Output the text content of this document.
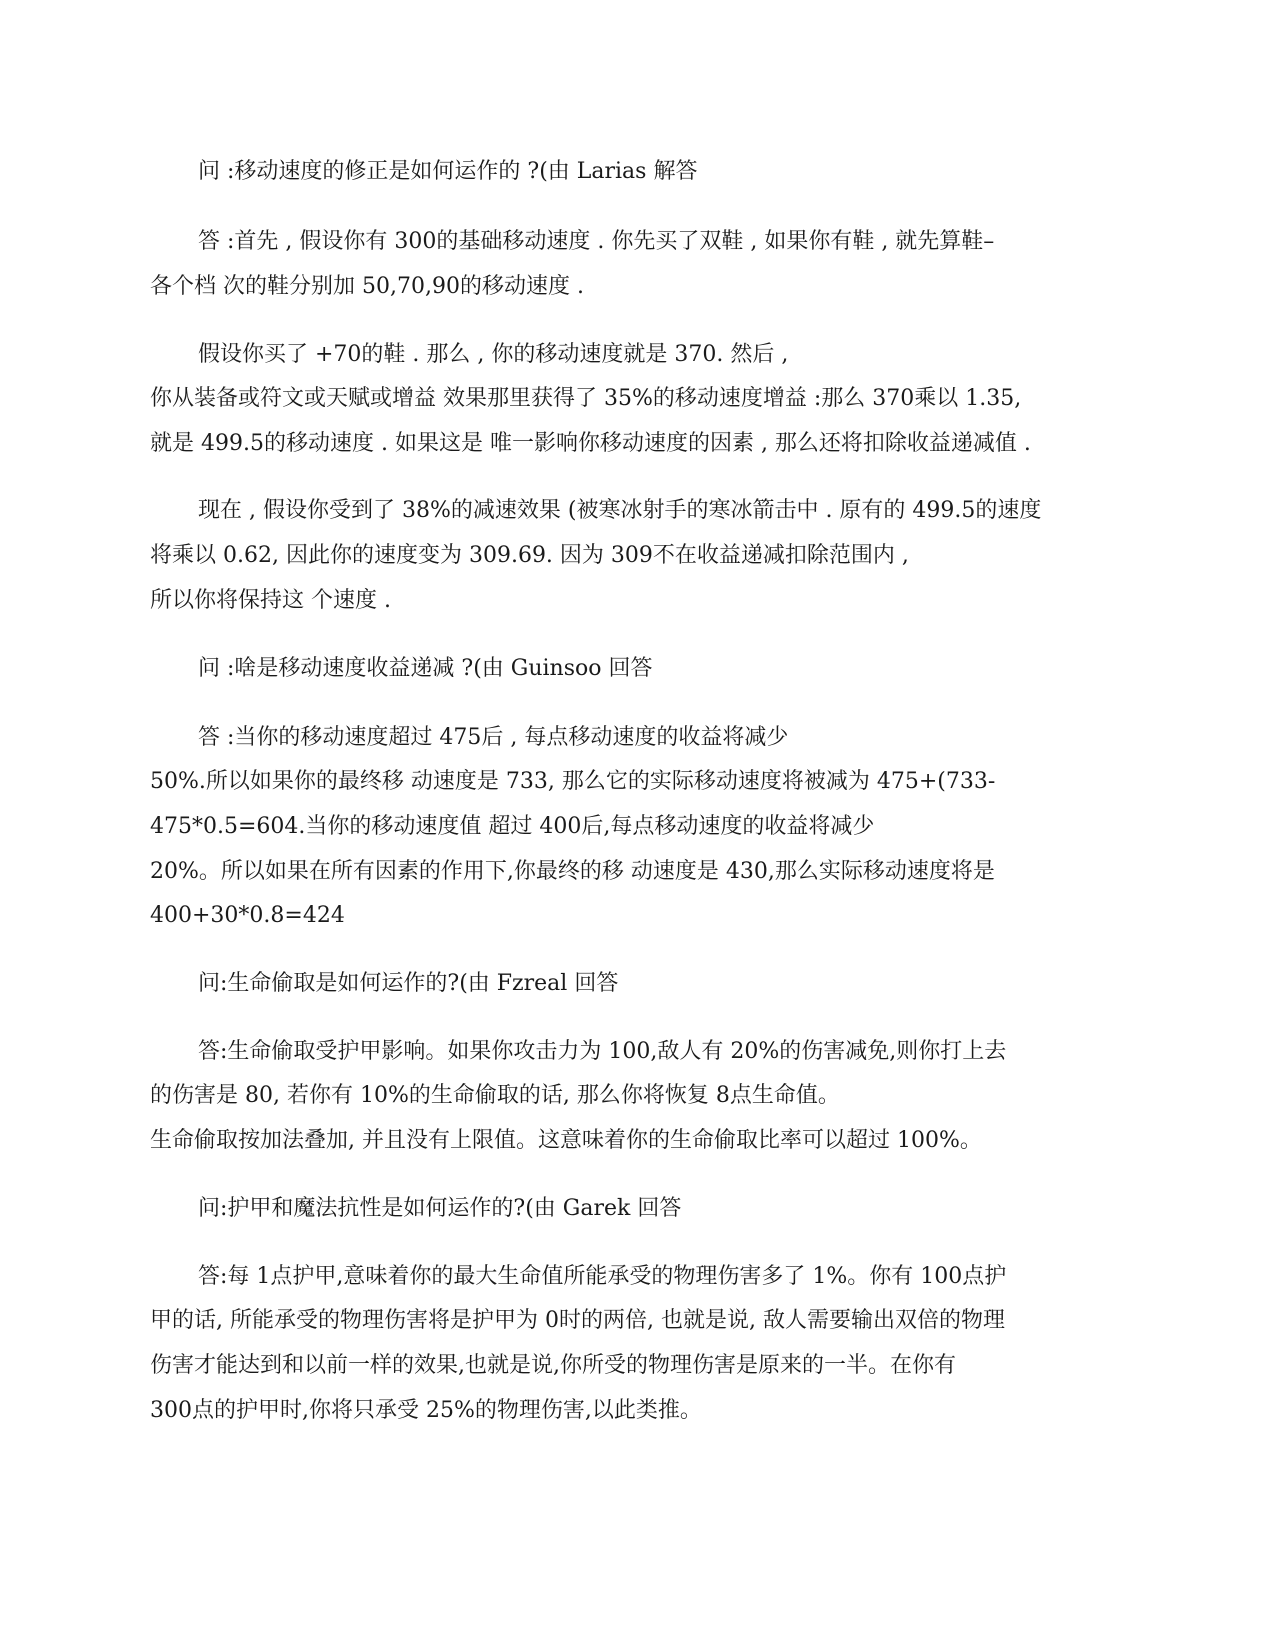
问 :移动速度的修正是如何运作的 ?(由 Larias 解答
答 :首先 , 假设你有 300的基础移动速度 . 你先买了双鞋 , 如果你有鞋 , 就先算鞋–
各个档 次的鞋分别加 50,70,90的移动速度 .
假设你买了 +70的鞋 . 那么 , 你的移动速度就是 370. 然后 ,
你从装备或符文或天赋或增益 效果那里获得了 35%的移动速度增益 :那么 370乘以 1.35,
就是 499.5的移动速度 . 如果这是 唯一影响你移动速度的因素 , 那么还将扣除收益递减值 .
现在 , 假设你受到了 38%的减速效果 (被寒冰射手的寒冰箭击中 . 原有的 499.5的速度
将乘以 0.62, 因此你的速度变为 309.69. 因为 309不在收益递减扣除范围内 ,
所以你将保持这 个速度 .
问 :啥是移动速度收益递减 ?(由 Guinsoo 回答
答 :当你的移动速度超过 475后 , 每点移动速度的收益将减少
50%.所以如果你的最终移 动速度是 733, 那么它的实际移动速度将被减为 475+(733-
475*0.5=604.当你的移动速度值 超过 400后,每点移动速度的收益将减少
20%。所以如果在所有因素的作用下,你最终的移 动速度是 430,那么实际移动速度将是
400+30*0.8=424
问:生命偷取是如何运作的?(由 Fzreal 回答
答:生命偷取受护甲影响。如果你攻击力为 100,敌人有 20%的伤害减免,则你打上去
的伤害是 80, 若你有 10%的生命偷取的话, 那么你将恢复 8点生命值。
生命偷取按加法叠加, 并且没有上限值。这意味着你的生命偷取比率可以超过 100%。
问:护甲和魔法抗性是如何运作的?(由 Garek 回答
答:每 1点护甲,意味着你的最大生命值所能承受的物理伤害多了 1%。你有 100点护
甲的话, 所能承受的物理伤害将是护甲为 0时的两倍, 也就是说, 敌人需要输出双倍的物理
伤害才能达到和以前一样的效果,也就是说,你所受的物理伤害是原来的一半。在你有
300点的护甲时,你将只承受 25%的物理伤害,以此类推。
